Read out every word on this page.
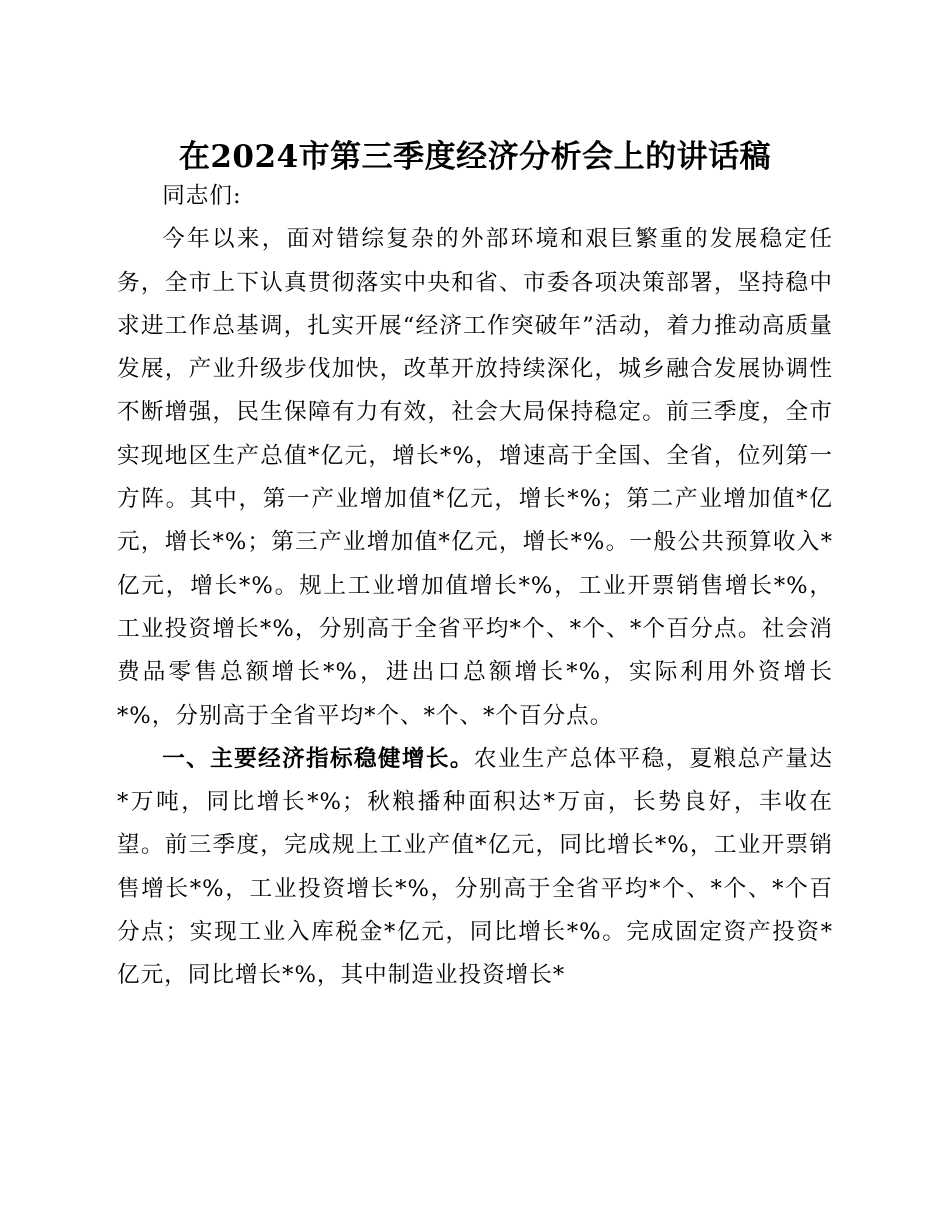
在2024市第三季度经济分析会上的讲话稿

同志们:

今年以来，面对错综复杂的外部环境和艰巨繁重的发展稳定任务，全市上下认真贯彻落实中央和省、市委各项决策部署，坚持稳中求进工作总基调，扎实开展“经济工作突破年”活动，着力推动高质量发展，产业升级步伐加快，改革开放持续深化，城乡融合发展协调性不断增强，民生保障有力有效，社会大局保持稳定。前三季度，全市实现地区生产总值*亿元，增长*%，增速高于全国、全省，位列第一方阵。其中，第一产业增加值*亿元，增长*%；第二产业增加值*亿元，增长*%；第三产业增加值*亿元，增长*%。一般公共预算收入*亿元，增长*%。规上工业增加值增长*%，工业开票销售增长*%，工业投资增长*%，分别高于全省平均*个、*个、*个百分点。社会消费品零售总额增长*%，进出口总额增长*%，实际利用外资增长*%，分别高于全省平均*个、*个、*个百分点。

一、主要经济指标稳健增长。农业生产总体平稳，夏粮总产量达*万吨，同比增长*%；秋粮播种面积达*万亩，长势良好，丰收在望。前三季度，完成规上工业产值*亿元，同比增长*%，工业开票销售增长*%，工业投资增长*%，分别高于全省平均*个、*个、*个百分点；实现工业入库税金*亿元，同比增长*%。完成固定资产投资*亿元，同比增长*%，其中制造业投资增长*
